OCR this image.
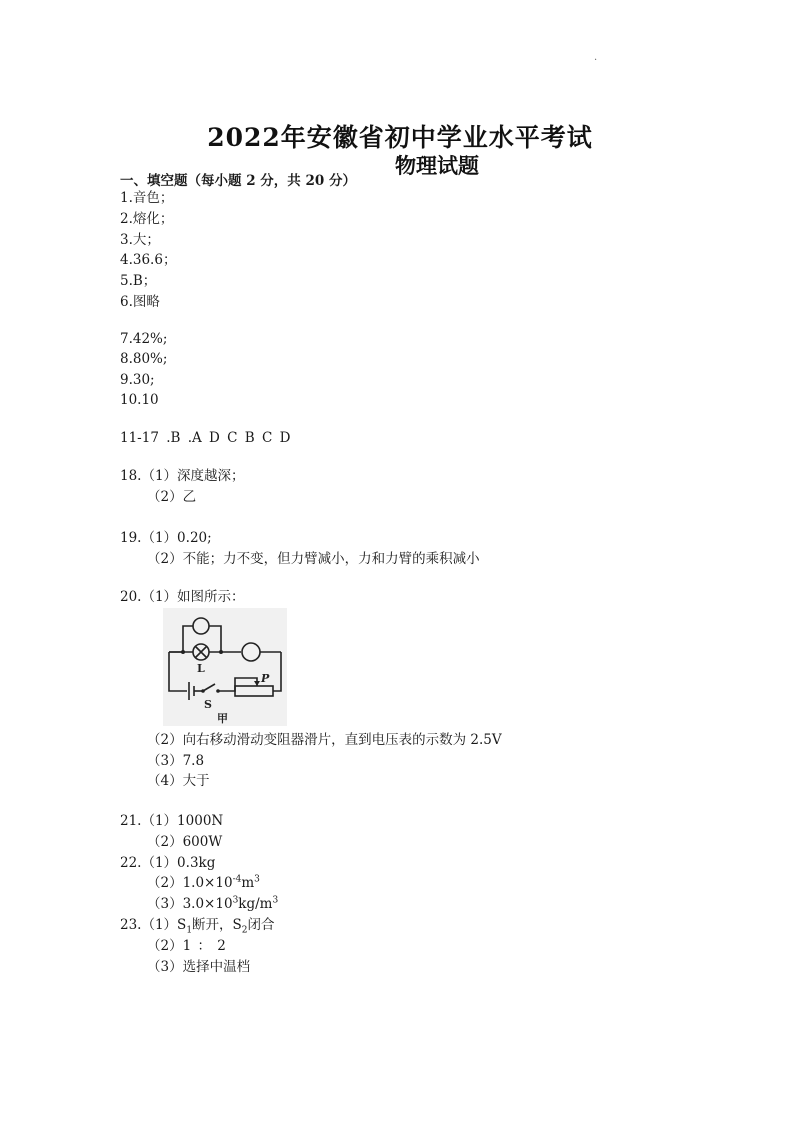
.
2022年安徽省初中学业水平考试
物理试题
一、填空题（每小题 2 分，共 20 分）
1.音色；
2.熔化；
3.大；
4.36.6；
5.B；
6.图略
7.42%;
8.80%;
9.30;
10.10
11-17 .B .A D C B C D
18.（1）深度越深；
（2）乙
19.（1）0.20;
（2）不能；力不变，但力臂减小，力和力臂的乘积减小
20.（1）如图所示：
L
S
P
甲
（2）向右移动滑动变阻器滑片，直到电压表的示数为 2.5V
（3）7.8
（4）大于
21.（1）1000N
（2）600W
22.（1）0.3kg
$(2)1.0\times 10^{-4}m^3$
$(3)3.0\times 10^3kg/m^3$
$23.(1)S_1$断开，$S_2$闭合
（2）1 ： 2
（3）选择中温档
